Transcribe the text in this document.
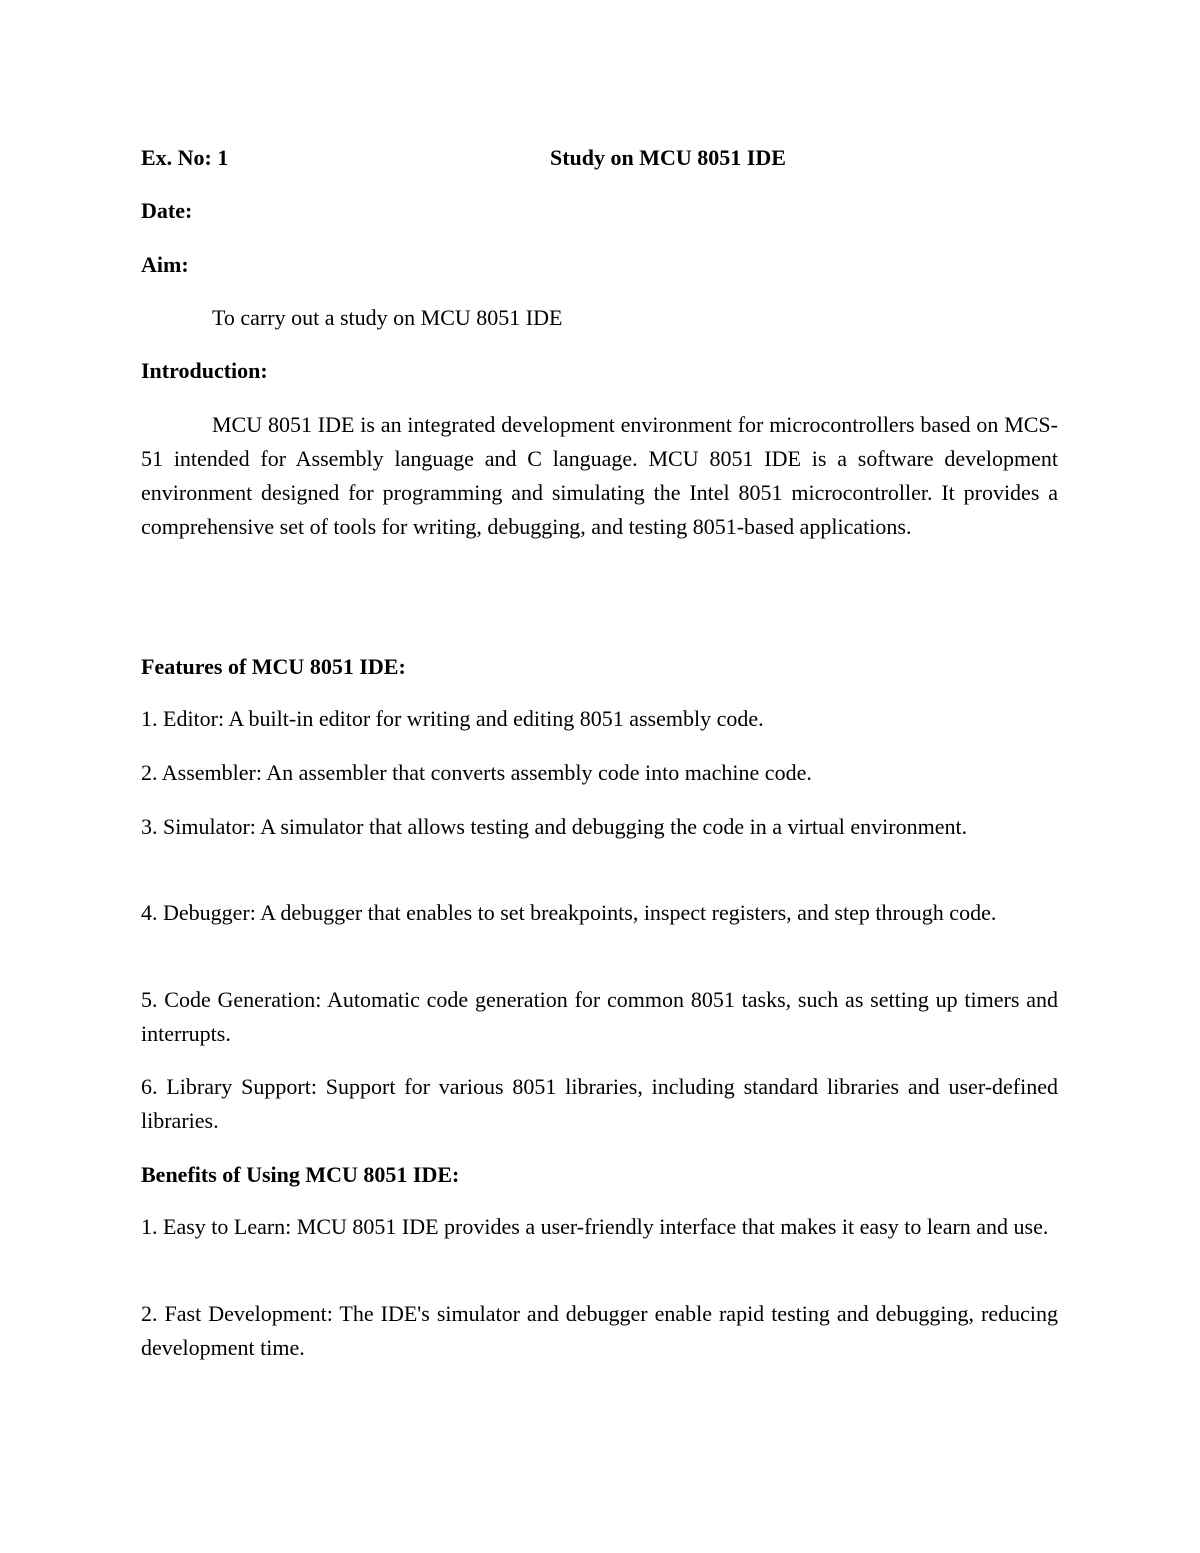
Ex. No: 1	Study on MCU 8051 IDE
Date:
Aim:
To carry out a study on MCU 8051 IDE
Introduction:

MCU 8051 IDE is an integrated development environment for microcontrollers based on MCS-51 intended for Assembly language and C language. MCU 8051 IDE is a software development environment designed for programming and simulating the Intel 8051 microcontroller. It provides a comprehensive set of tools for writing, debugging, and testing 8051-based applications.

Features of MCU 8051 IDE:

1. Editor: A built-in editor for writing and editing 8051 assembly code.

2. Assembler: An assembler that converts assembly code into machine code.

3. Simulator: A simulator that allows testing and debugging the code in a virtual environment.

4. Debugger: A debugger that enables to set breakpoints, inspect registers, and step through code.

5. Code Generation: Automatic code generation for common 8051 tasks, such as setting up timers and interrupts.

6. Library Support: Support for various 8051 libraries, including standard libraries and user-defined libraries.

Benefits of Using MCU 8051 IDE:

1. Easy to Learn: MCU 8051 IDE provides a user-friendly interface that makes it easy to learn and use.

2. Fast Development: The IDE's simulator and debugger enable rapid testing and debugging, reducing development time.
